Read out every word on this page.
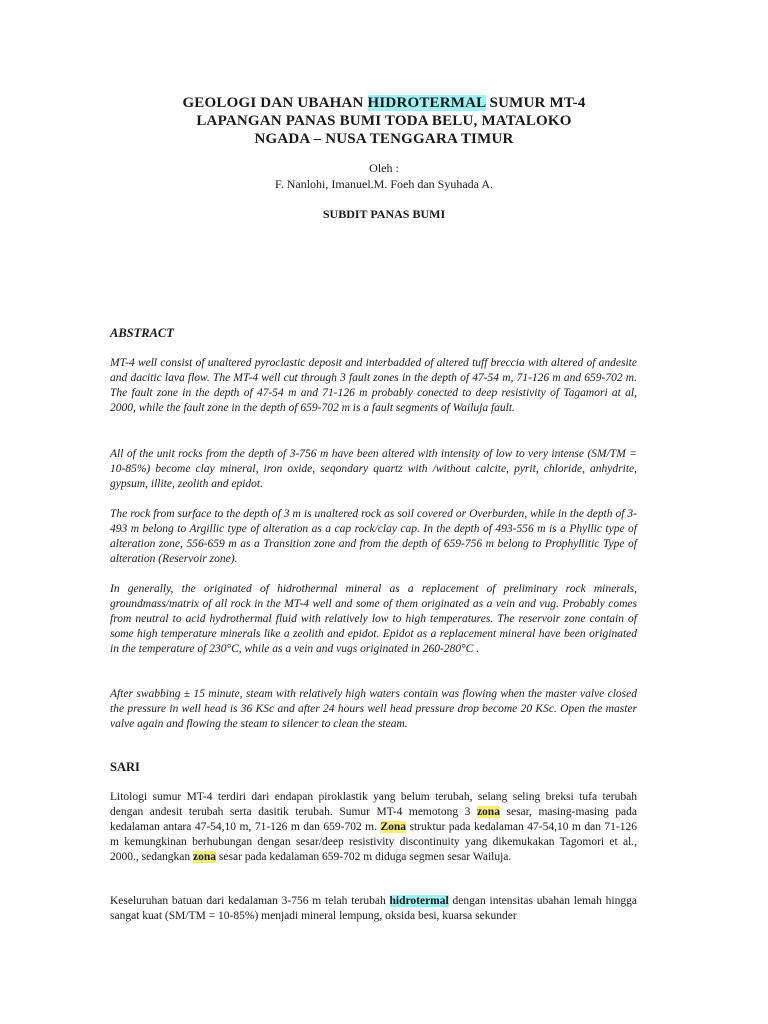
GEOLOGI DAN UBAHAN HIDROTERMAL SUMUR MT-4
LAPANGAN PANAS BUMI TODA BELU, MATALOKO
NGADA – NUSA TENGGARA TIMUR
Oleh :
F. Nanlohi, Imanuel.M. Foeh dan Syuhada A.
SUBDIT PANAS BUMI
ABSTRACT

MT-4 well consist of unaltered pyroclastic deposit and interbadded of altered tuff breccia with altered of andesite and dacitic lava flow. The MT-4 well cut through 3 fault zones in the depth of 47-54 m, 71-126 m and 659-702 m. The fault zone in the depth of 47-54 m and 71-126 m probably conected to deep resistivity of Tagamori at al, 2000, while the fault zone in the depth of 659-702 m is a fault segments of Wailuja fault.

All of the unit rocks from the depth of 3-756 m have been altered with intensity of low to very intense (SM/TM = 10-85%) become clay mineral, iron oxide, seqondary quartz with /without calcite, pyrit, chloride, anhydrite, gypsum, illite, zeolith and epidot.

The rock from surface to the depth of 3 m is unaltered rock as soil covered or Overburden, while in the depth of 3-493 m belong to Argillic type of alteration as a cap rock/clay cap. In the depth of 493-556 m is a Phyllic type of alteration zone, 556-659 m as a Transition zone and from the depth of 659-756 m belong to Prophyllitic Type of alteration (Reservoir zone).

In generally, the originated of hidrothermal mineral as a replacement of preliminary rock minerals, groundmass/matrix of all rock in the MT-4 well and some of them originated as a vein and vug. Probably comes from neutral to acid hydrothermal fluid with relatively low to high temperatures. The reservoir zone contain of some high temperature minerals like a zeolith and epidot. Epidot as a replacement mineral have been originated in the temperature of 230°C, while as a vein and vugs originated in 260-280°C .

After swabbing ± 15 minute, steam with relatively high waters contain was flowing when the master valve closed the pressure in well head is 36 KSc and after 24 hours well head pressure drop become 20 KSc. Open the master valve again and flowing the steam to silencer to clean the steam.

SARI

Litologi sumur MT-4 terdiri dari endapan piroklastik yang belum terubah, selang seling breksi tufa terubah dengan andesit terubah serta dasitik terubah. Sumur MT-4 memotong 3 zona sesar, masing-masing pada kedalaman antara 47-54,10 m, 71-126 m dan 659-702 m. Zona struktur pada kedalaman 47-54,10 m dan 71-126 m kemungkinan berhubungan dengan sesar/deep resistivity discontinuity yang dikemukakan Tagomori et al., 2000., sedangkan zona sesar pada kedalaman 659-702 m diduga segmen sesar Wailuja.

Keseluruhan batuan dari kedalaman 3-756 m telah terubah hidrotermal dengan intensitas ubahan lemah hingga sangat kuat (SM/TM = 10-85%) menjadi mineral lempung, oksida besi, kuarsa sekunder
